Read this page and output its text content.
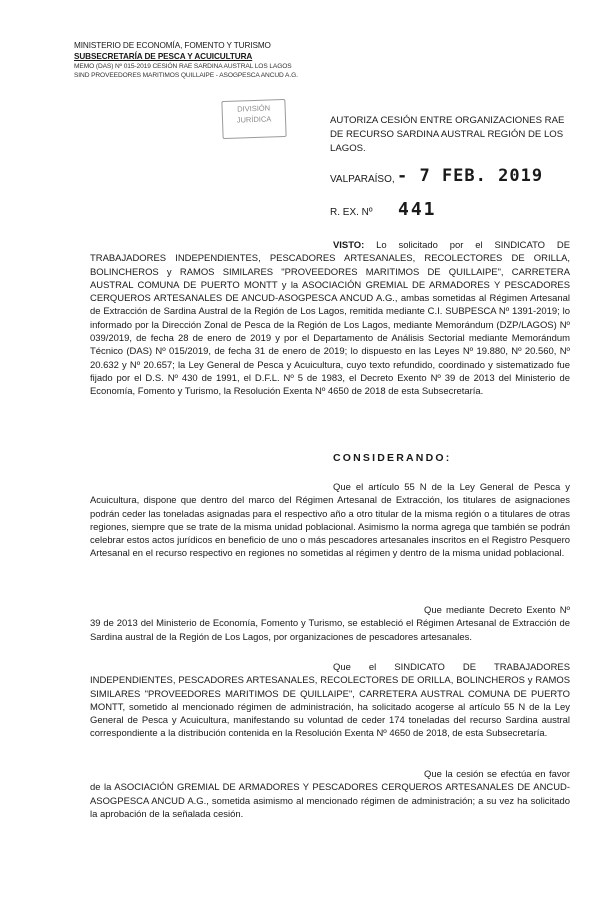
MINISTERIO DE ECONOMÍA, FOMENTO Y TURISMO
SUBSECRETARÍA DE PESCA Y ACUICULTURA
MEMO (DAS) Nº 015-2019 CESIÓN RAE SARDINA AUSTRAL LOS LAGOS
SIND PROVEEDORES MARITIMOS QUILLAIPE - ASOGPESCA ANCUD A.G.
DIVISIÓN
JURÍDICA	AUTORIZA CESIÓN ENTRE ORGANIZACIONES RAE DE RECURSO SARDINA AUSTRAL REGIÓN DE LOS LAGOS.
VALPARAÍSO, - 7 FEB. 2019
R. EX. Nº 441
VISTO: Lo solicitado por el SINDICATO DE TRABAJADORES INDEPENDIENTES, PESCADORES ARTESANALES, RECOLECTORES DE ORILLA, BOLINCHEROS y RAMOS SIMILARES "PROVEEDORES MARITIMOS DE QUILLAIPE", CARRETERA AUSTRAL COMUNA DE PUERTO MONTT y la ASOCIACIÓN GREMIAL DE ARMADORES Y PESCADORES CERQUEROS ARTESANALES DE ANCUD-ASOGPESCA ANCUD A.G., ambas sometidas al Régimen Artesanal de Extracción de Sardina Austral de la Región de Los Lagos, remitida mediante C.I. SUBPESCA Nº 1391-2019; lo informado por la Dirección Zonal de Pesca de la Región de Los Lagos, mediante Memorándum (DZP/LAGOS) Nº 039/2019, de fecha 28 de enero de 2019 y por el Departamento de Análisis Sectorial mediante Memorándum Técnico (DAS) Nº 015/2019, de fecha 31 de enero de 2019; lo dispuesto en las Leyes Nº 19.880, Nº 20.560, Nº 20.632 y Nº 20.657; la Ley General de Pesca y Acuicultura, cuyo texto refundido, coordinado y sistematizado fue fijado por el D.S. Nº 430 de 1991, el D.F.L. Nº 5 de 1983, el Decreto Exento Nº 39 de 2013 del Ministerio de Economía, Fomento y Turismo, la Resolución Exenta Nº 4650 de 2018 de esta Subsecretaría.
CONSIDERANDO:
Que el artículo 55 N de la Ley General de Pesca y Acuicultura, dispone que dentro del marco del Régimen Artesanal de Extracción, los titulares de asignaciones podrán ceder las toneladas asignadas para el respectivo año a otro titular de la misma región o a titulares de otras regiones, siempre que se trate de la misma unidad poblacional. Asimismo la norma agrega que también se podrán celebrar estos actos jurídicos en beneficio de uno o más pescadores artesanales inscritos en el Registro Pesquero Artesanal en el recurso respectivo en regiones no sometidas al régimen y dentro de la misma unidad poblacional.
Que mediante Decreto Exento Nº 39 de 2013 del Ministerio de Economía, Fomento y Turismo, se estableció el Régimen Artesanal de Extracción de Sardina austral de la Región de Los Lagos, por organizaciones de pescadores artesanales.
Que el SINDICATO DE TRABAJADORES INDEPENDIENTES, PESCADORES ARTESANALES, RECOLECTORES DE ORILLA, BOLINCHEROS y RAMOS SIMILARES "PROVEEDORES MARITIMOS DE QUILLAIPE", CARRETERA AUSTRAL COMUNA DE PUERTO MONTT, sometido al mencionado régimen de administración, ha solicitado acogerse al artículo 55 N de la Ley General de Pesca y Acuicultura, manifestando su voluntad de ceder 174 toneladas del recurso Sardina austral correspondiente a la distribución contenida en la Resolución Exenta Nº 4650 de 2018, de esta Subsecretaría.
Que la cesión se efectúa en favor de la ASOCIACIÓN GREMIAL DE ARMADORES Y PESCADORES CERQUEROS ARTESANALES DE ANCUD-ASOGPESCA ANCUD A.G., sometida asimismo al mencionado régimen de administración; a su vez ha solicitado la aprobación de la señalada cesión.
